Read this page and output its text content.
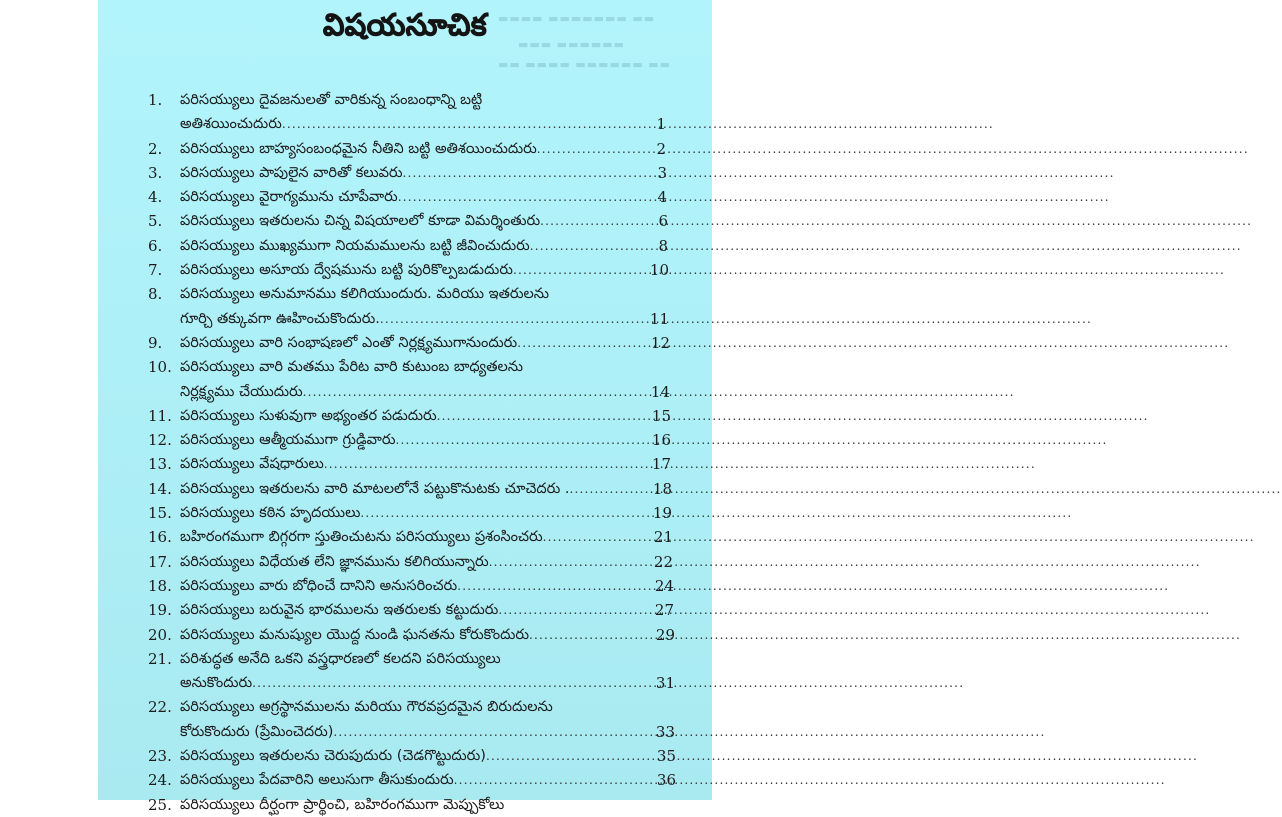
▬▬▬▬ ▬▬▬▬▬▬▬ ▬▬
▬▬▬ ▬▬▬▬▬▬
▬▬ ▬▬▬▬ ▬▬▬▬▬▬ ▬▬
విషయసూచిక
1.	పరిసయ్యులు దైవజనులతో వారికున్న సంబంధాన్ని బట్టి
అతిశయించుదురు .....	1
2.	పరిసయ్యులు బాహ్యసంబంధమైన నీతిని బట్టి అతిశయించుదురు .....	2
3.	పరిసయ్యులు పాపులైన వారితో కలువరు .....	3
4.	పరిసయ్యులు వైరాగ్యమును చూపేవారు .....	4
5.	పరిసయ్యులు ఇతరులను చిన్న విషయాలలో కూడా విమర్శింతురు .....	6
6.	పరిసయ్యులు ముఖ్యముగా నియమములను బట్టి జీవించుదురు .....	8
7.	పరిసయ్యులు అసూయ ద్వేషమును బట్టి పురికొల్పబడుదురు .....	10
8.	పరిసయ్యులు అనుమానము కలిగియుందురు. మరియు ఇతరులను
గూర్చి తక్కువగా ఊహించుకొందురు. .....	11
9.	పరిసయ్యులు వారి సంభాషణలో ఎంతో నిర్లక్ష్యముగానుందురు .....	12
10. పరిసయ్యులు వారి మతము పేరిట వారి కుటుంబ బాధ్యతలను
నిర్లక్ష్యము చేయుదురు .....	14
11. పరిసయ్యులు సుళువుగా అభ్యంతర పడుదురు .....	15
12. పరిసయ్యులు ఆత్మీయముగా గ్రుడ్డివారు .....	16
13. పరిసయ్యులు వేషధారులు .....	17
14. పరిసయ్యులు ఇతరులను వారి మాటలలోనే పట్టుకొనుటకు చూచెదరు . .....	18
15. పరిసయ్యులు కఠిన హృదయులు .....	19
16. బహిరంగముగా బిగ్గరగా స్తుతించుటను పరిసయ్యులు ప్రశంసించరు .....	21
17. పరిసయ్యులు విధేయత లేని జ్ఞానమును కలిగియున్నారు .....	22
18. పరిసయ్యులు వారు బోధించే దానిని అనుసరించరు .....	24
19. పరిసయ్యులు బరువైన భారములను ఇతరులకు కట్టుదురు .....	27
20. పరిసయ్యులు మనుష్యుల యొద్ద నుండి ఘనతను కోరుకొందురు .....	29
21. పరిశుద్ధత అనేది ఒకని వస్త్రధారణలో కలదని పరిసయ్యులు
అనుకొందురు .....	31
22. పరిసయ్యులు అగ్రస్థానములను మరియు గౌరవప్రదమైన బిరుదులను
కోరుకొందురు (ప్రేమించెదరు) .....	33
23. పరిసయ్యులు ఇతరులను చెరుపుదురు (చెడగొట్టుదురు) .....	35
24. పరిసయ్యులు పేదవారిని అలుసుగా తీసుకుందురు .....	36
25. పరిసయ్యులు దీర్ఘంగా ప్రార్థించి, బహిరంగముగా మెప్పుకోలు
